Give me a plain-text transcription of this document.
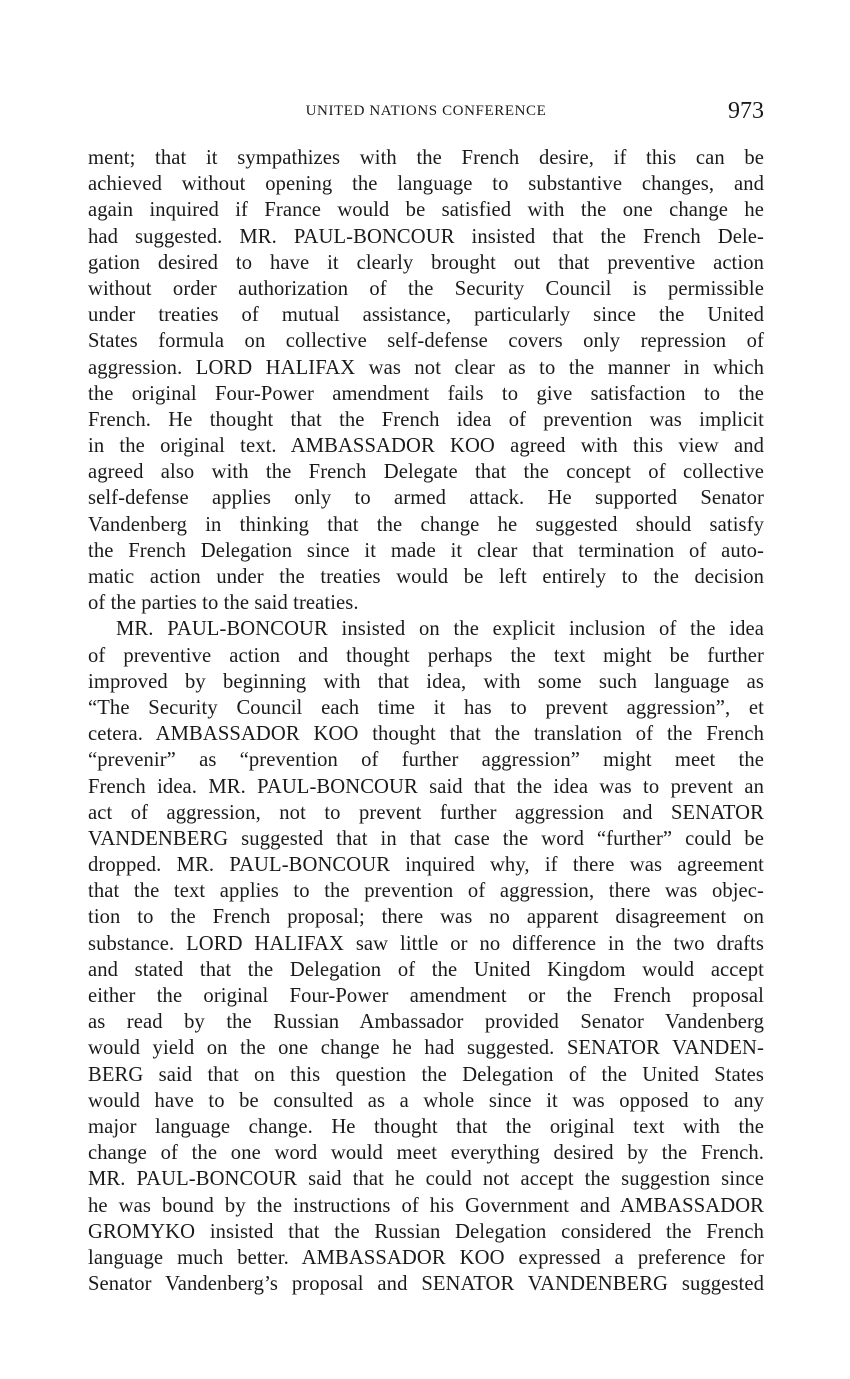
UNITED NATIONS CONFERENCE	973
ment; that it sympathizes with the French desire, if this can be
achieved without opening the language to substantive changes, and
again inquired if France would be satisfied with the one change he
had suggested. MR. PAUL-BONCOUR insisted that the French Dele-
gation desired to have it clearly brought out that preventive action
without order authorization of the Security Council is permissible
under treaties of mutual assistance, particularly since the United
States formula on collective self-defense covers only repression of
aggression. LORD HALIFAX was not clear as to the manner in which
the original Four-Power amendment fails to give satisfaction to the
French. He thought that the French idea of prevention was implicit
in the original text. AMBASSADOR KOO agreed with this view and
agreed also with the French Delegate that the concept of collective
self-defense applies only to armed attack. He supported Senator
Vandenberg in thinking that the change he suggested should satisfy
the French Delegation since it made it clear that termination of auto-
matic action under the treaties would be left entirely to the decision
of the parties to the said treaties.
MR. PAUL-BONCOUR insisted on the explicit inclusion of the idea
of preventive action and thought perhaps the text might be further
improved by beginning with that idea, with some such language as
“The Security Council each time it has to prevent aggression”, et
cetera. AMBASSADOR KOO thought that the translation of the French
“prevenir” as “prevention of further aggression” might meet the
French idea. MR. PAUL-BONCOUR said that the idea was to prevent an
act of aggression, not to prevent further aggression and SENATOR
VANDENBERG suggested that in that case the word “further” could be
dropped. MR. PAUL-BONCOUR inquired why, if there was agreement
that the text applies to the prevention of aggression, there was objec-
tion to the French proposal; there was no apparent disagreement on
substance. LORD HALIFAX saw little or no difference in the two drafts
and stated that the Delegation of the United Kingdom would accept
either the original Four-Power amendment or the French proposal
as read by the Russian Ambassador provided Senator Vandenberg
would yield on the one change he had suggested. SENATOR VANDEN-
BERG said that on this question the Delegation of the United States
would have to be consulted as a whole since it was opposed to any
major language change. He thought that the original text with the
change of the one word would meet everything desired by the French.
MR. PAUL-BONCOUR said that he could not accept the suggestion since
he was bound by the instructions of his Government and AMBASSADOR
GROMYKO insisted that the Russian Delegation considered the French
language much better. AMBASSADOR KOO expressed a preference for
Senator Vandenberg’s proposal and SENATOR VANDENBERG suggested
